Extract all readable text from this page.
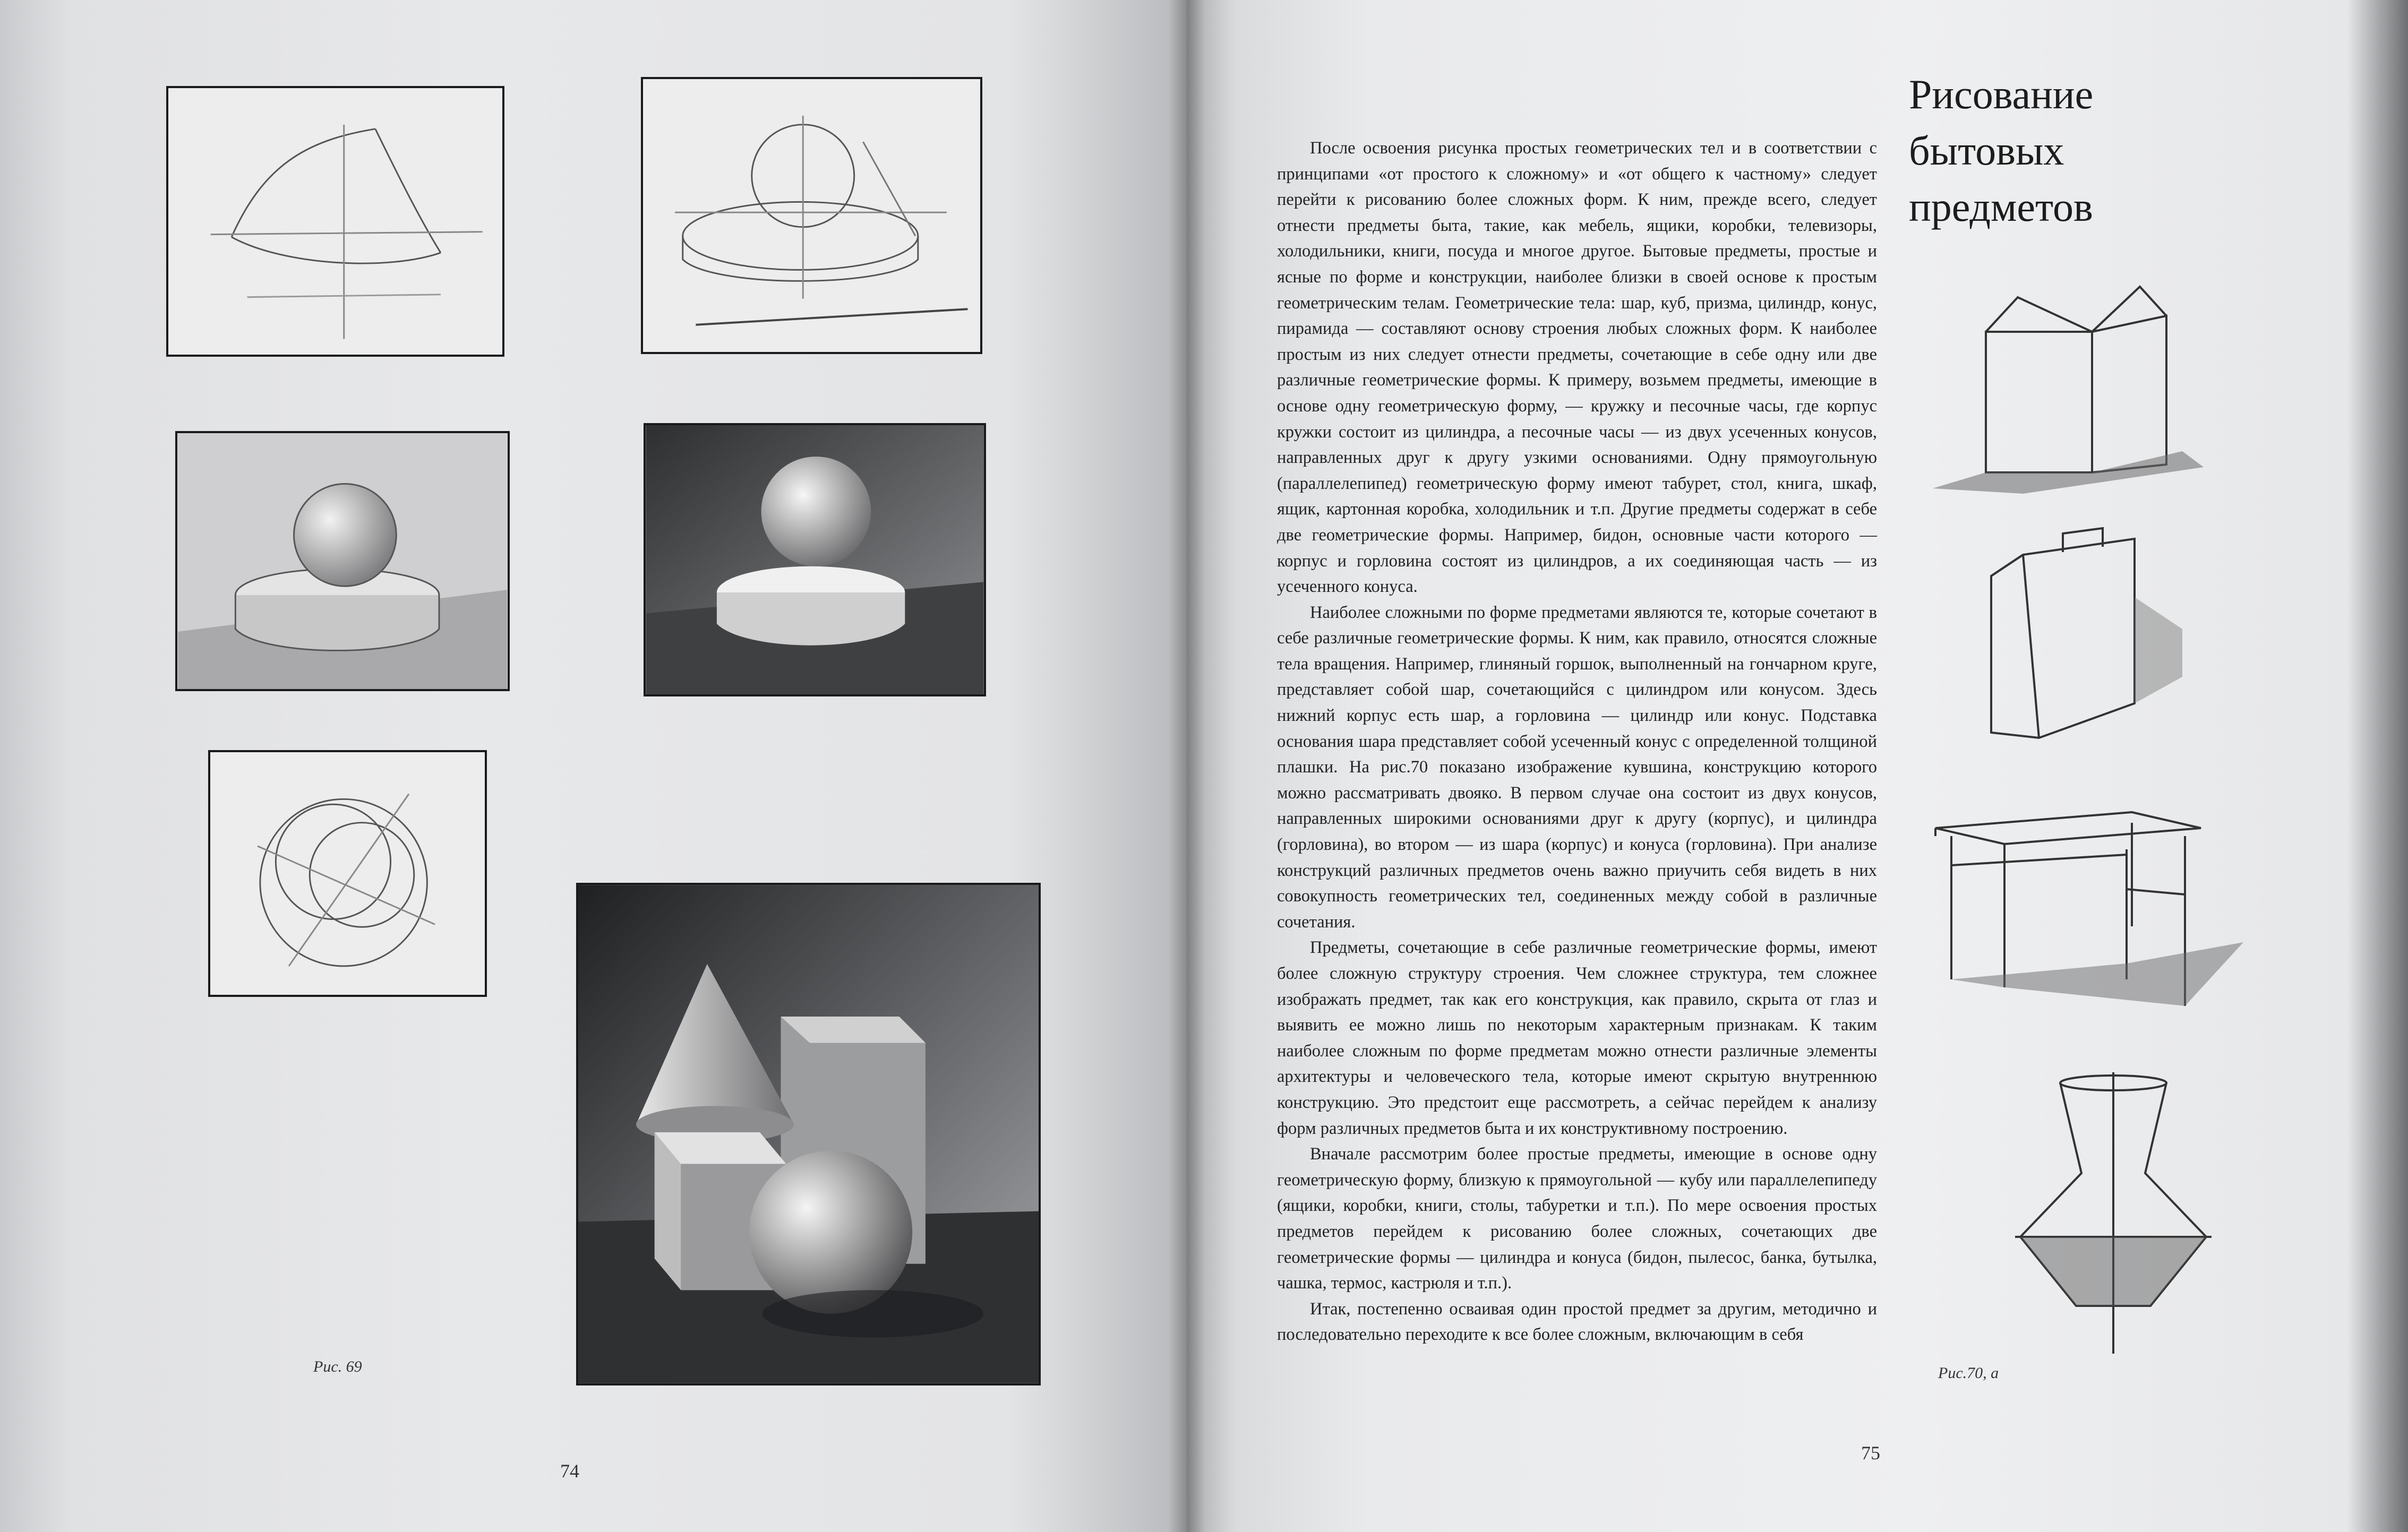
Рис. 69
74
Рисование
бытовых
предметов

После освоения рисунка простых геометрических тел и в соответствии с принципами «от простого к сложному» и «от общего к частному» следует перейти к рисованию более сложных форм. К ним, прежде всего, следует отнести предметы быта, такие, как мебель, ящики, коробки, телевизоры, холодильники, книги, посуда и многое другое. Бытовые предметы, простые и ясные по форме и конструкции, наиболее близки в своей основе к простым геометрическим телам. Геометрические тела: шар, куб, призма, цилиндр, конус, пирамида — составляют основу строения любых сложных форм. К наиболее простым из них следует отнести предметы, сочетающие в себе одну или две различные геометрические формы. К примеру, возьмем предметы, имеющие в основе одну геометрическую форму, — кружку и песочные часы, где корпус кружки состоит из цилиндра, а песочные часы — из двух усеченных конусов, направленных друг к другу узкими основаниями. Одну прямоугольную (параллелепипед) геометрическую форму имеют табурет, стол, книга, шкаф, ящик, картонная коробка, холодильник и т.п. Другие предметы содержат в себе две геометрические формы. Например, бидон, основные части которого — корпус и горловина состоят из цилиндров, а их соединяющая часть — из усеченного конуса.

Наиболее сложными по форме предметами являются те, которые сочетают в себе различные геометрические формы. К ним, как правило, относятся сложные тела вращения. Например, глиняный горшок, выполненный на гончарном круге, представляет собой шар, сочетающийся с цилиндром или конусом. Здесь нижний корпус есть шар, а горловина — цилиндр или конус. Подставка основания шара представляет собой усеченный конус с определенной толщиной плашки. На рис.70 показано изображение кувшина, конструкцию которого можно рассматривать двояко. В первом случае она состоит из двух конусов, направленных широкими основаниями друг к другу (корпус), и цилиндра (горловина), во втором — из шара (корпус) и конуса (горловина). При анализе конструкций различных предметов очень важно приучить себя видеть в них совокупность геометрических тел, соединенных между собой в различные сочетания.

Предметы, сочетающие в себе различные геометрические формы, имеют более сложную структуру строения. Чем сложнее структура, тем сложнее изображать предмет, так как его конструкция, как правило, скрыта от глаз и выявить ее можно лишь по некоторым характерным признакам. К таким наиболее сложным по форме предметам можно отнести различные элементы архитектуры и человеческого тела, которые имеют скрытую внутреннюю конструкцию. Это предстоит еще рассмотреть, а сейчас перейдем к анализу форм различных предметов быта и их конструктивному построению.

Вначале рассмотрим более простые предметы, имеющие в основе одну геометрическую форму, близкую к прямоугольной — кубу или параллелепипеду (ящики, коробки, книги, столы, табуретки и т.п.). По мере освоения простых предметов перейдем к рисованию более сложных, сочетающих две геометрические формы — цилиндра и конуса (бидон, пылесос, банка, бутылка, чашка, термос, кастрюля и т.п.).

Итак, постепенно осваивая один простой предмет за другим, методично и последовательно переходите к все более сложным, включающим в себя

Рис.70, а
75
